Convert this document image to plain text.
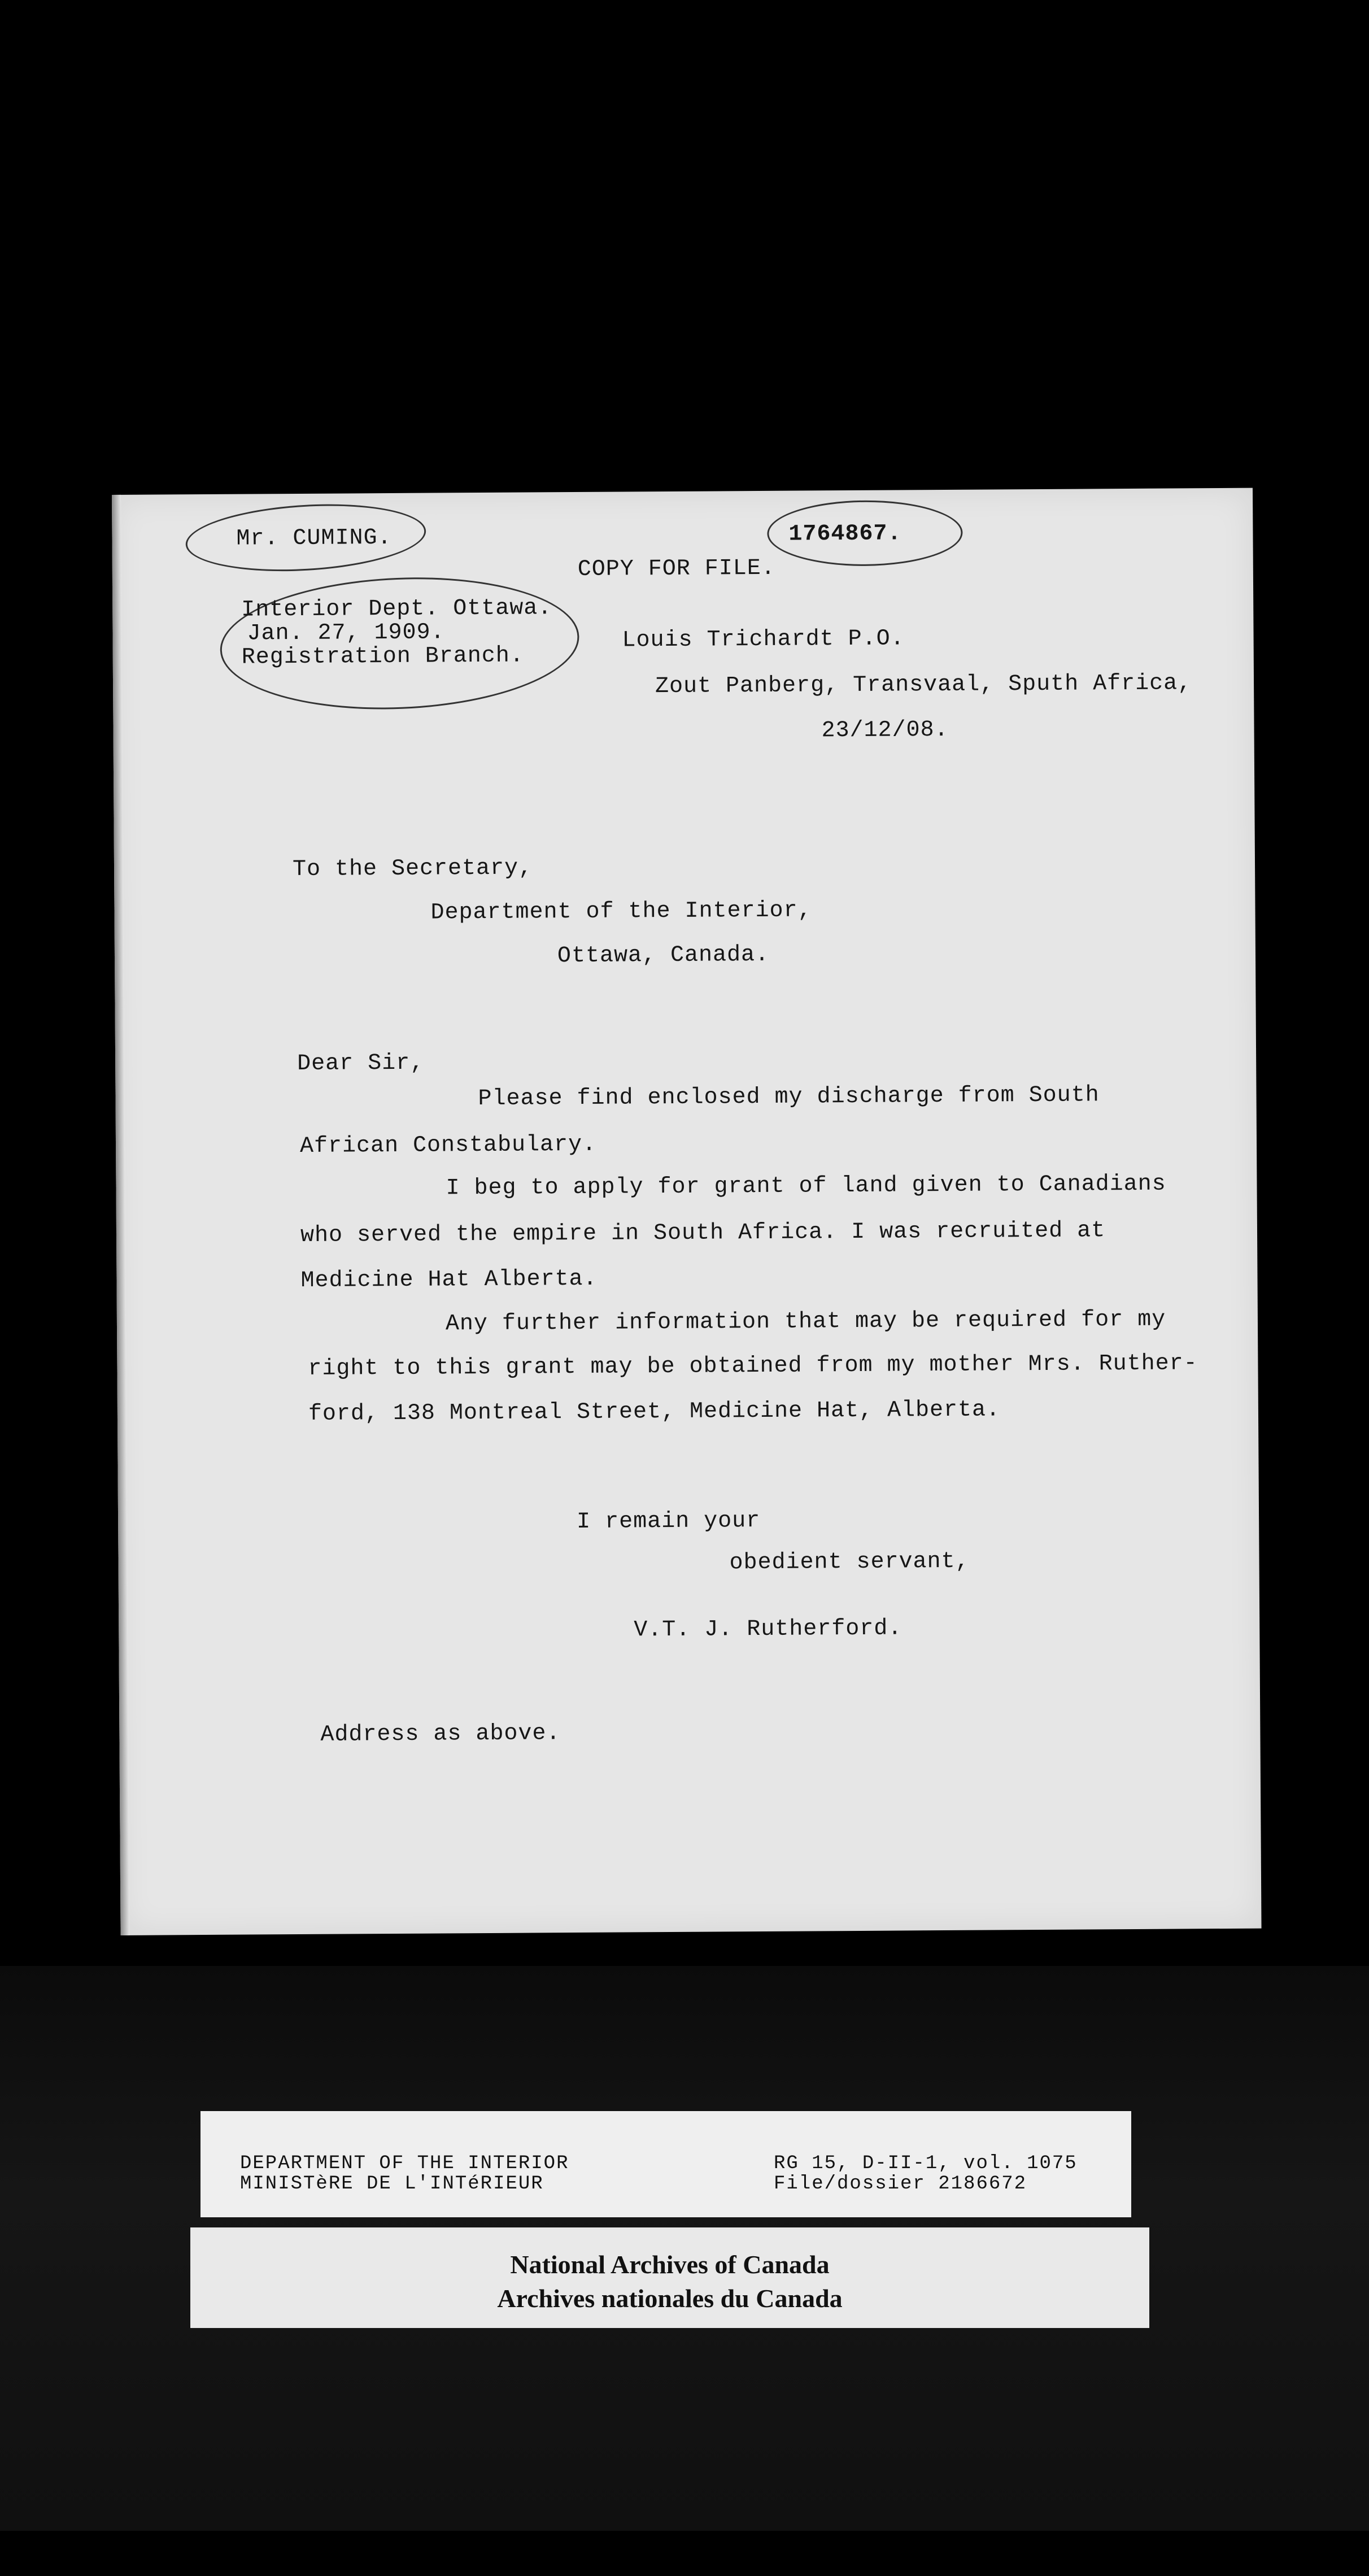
Mr. CUMING.	1764867.
COPY FOR FILE.
Interior Dept. Ottawa.
Jan. 27, 1909.
Registration Branch.
Louis Trichardt P.O.
Zout Panberg, Transvaal, Sputh Africa,
23/12/08.
To the Secretary,
Department of the Interior,
Ottawa, Canada.
Dear Sir,
Please find enclosed my discharge from South
African Constabulary.
I beg to apply for grant of land given to Canadians
who served the empire in South Africa. I was recruited at
Medicine Hat Alberta.
Any further information that may be required for my
right to this grant may be obtained from my mother Mrs. Ruther-
ford, 138 Montreal Street, Medicine Hat, Alberta.
I remain your
obedient servant,
V.T. J. Rutherford.
Address as above.
DEPARTMENT OF THE INTERIOR
MINISTèRE DE L'INTéRIEUR
RG 15, D-II-1, vol. 1075
File/dossier 2186672
National Archives of Canada
Archives nationales du Canada
